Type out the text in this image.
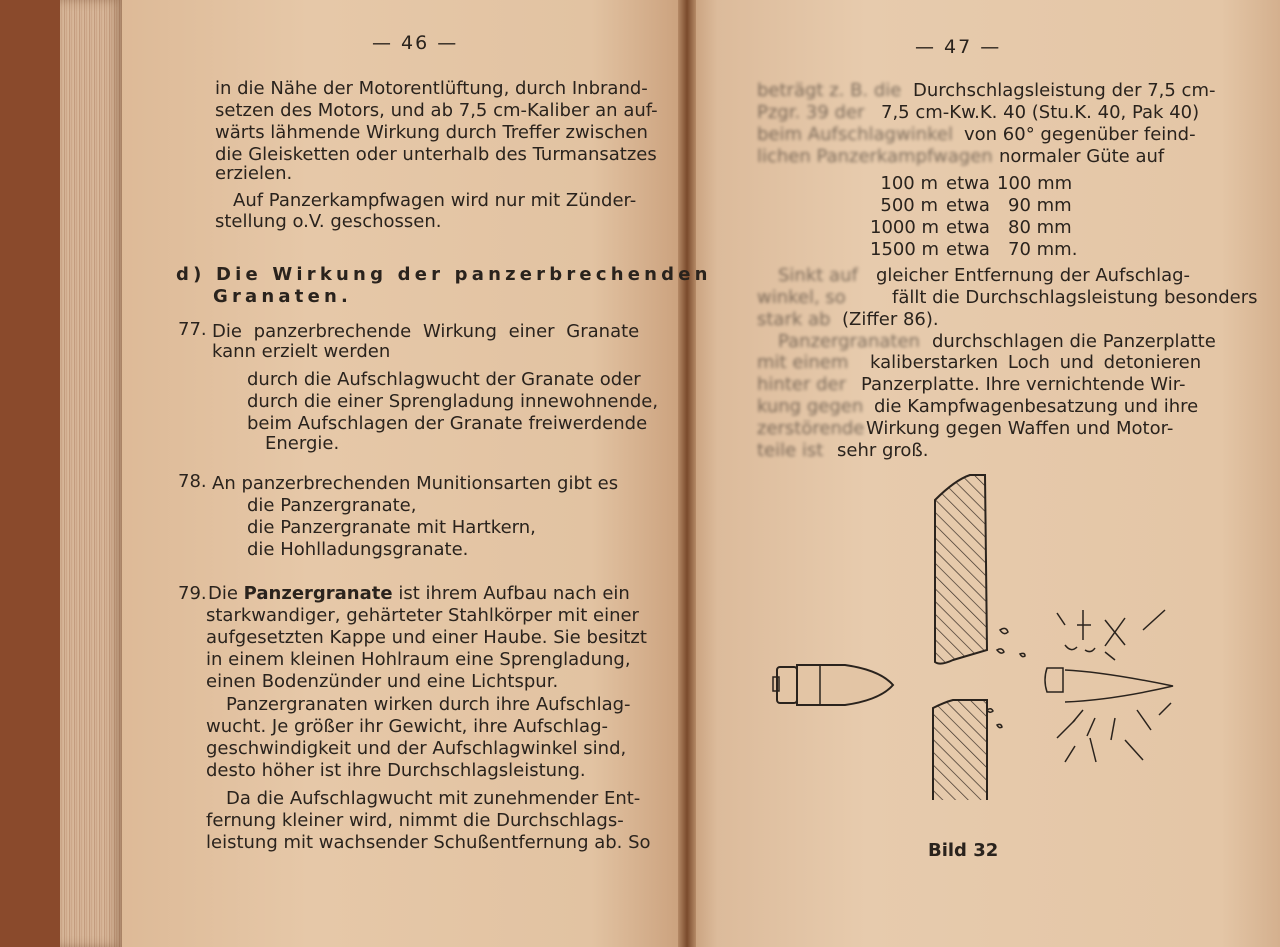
— 46 —
in die Nähe der Motorentlüftung, durch Inbrand-
setzen des Motors, und ab 7,5 cm-Kaliber an auf-
wärts lähmende Wirkung durch Treffer zwischen
die Gleisketten oder unterhalb des Turmansatzes
erzielen.
Auf Panzerkampfwagen wird nur mit Zünder-
stellung o.V. geschossen.
d) Die Wirkung der panzerbrechenden
Granaten.
77. Die panzerbrechende Wirkung einer Granate
kann erzielt werden
durch die Aufschlagwucht der Granate oder
durch die einer Sprengladung innewohnende,
beim Aufschlagen der Granate freiwerdende
Energie.
78. An panzerbrechenden Munitionsarten gibt es
die Panzergranate,
die Panzergranate mit Hartkern,
die Hohlladungsgranate.
79. Die Panzergranate ist ihrem Aufbau nach ein
starkwandiger, gehärteter Stahlkörper mit einer
aufgesetzten Kappe und einer Haube. Sie besitzt
in einem kleinen Hohlraum eine Sprengladung,
einen Bodenzünder und eine Lichtspur.
Panzergranaten wirken durch ihre Aufschlag-
wucht. Je größer ihr Gewicht, ihre Aufschlag-
geschwindigkeit und der Aufschlagwinkel sind,
desto höher ist ihre Durchschlagsleistung.
Da die Aufschlagwucht mit zunehmender Ent-
fernung kleiner wird, nimmt die Durchschlags-
leistung mit wachsender Schußentfernung ab. So
— 47 —
beträgt z. B. die Durchschlagsleistung der 7,5 cm-
Pzgr. 39 der 7,5 cm-Kw.K. 40 (Stu.K. 40, Pak 40)
beim Aufschlagwinkel von 60° gegenüber feind-
lichen Panzerkampfwagen normaler Güte auf
100 m etwa 100 mm
500 m etwa 90 mm
1000 m etwa 80 mm
1500 m etwa 70 mm.
Sinkt auf gleicher Entfernung der Aufschlag-
winkel, so	fällt die Durchschlagsleistung besonders
stark ab (Ziffer 86).
Panzergranaten durchschlagen die Panzerplatte
mit einem kaliberstarken Loch und detonieren
hinter der Panzerplatte. Ihre vernichtende Wir-
kung gegen die Kampfwagenbesatzung und ihre
zerstörende Wirkung gegen Waffen und Motor-
teile ist sehr groß.
Bild 32
